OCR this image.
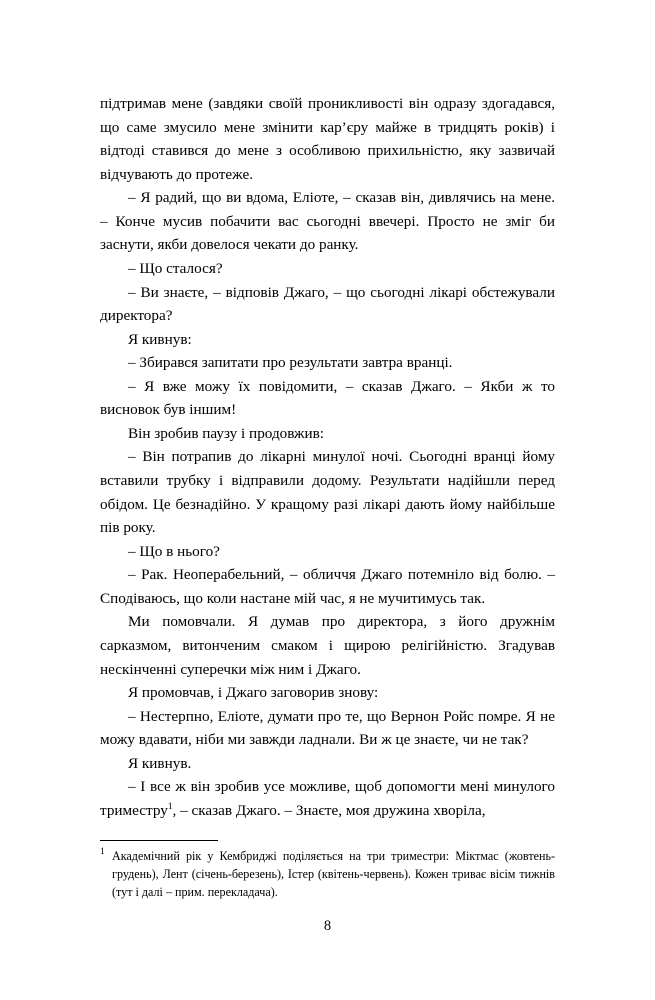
підтримав мене (завдяки своїй проникливості він одразу здогадався, що саме змусило мене змінити кар’єру майже в тридцять років) і відтоді ставився до мене з особливою прихильністю, яку зазвичай відчувають до протеже.

– Я радий, що ви вдома, Еліоте, – сказав він, дивлячись на мене. – Конче мусив побачити вас сьогодні ввечері. Просто не зміг би заснути, якби довелося чекати до ранку.

– Що сталося?

– Ви знаєте, – відповів Джаго, – що сьогодні лікарі обстежували директора?

Я кивнув:

– Збирався запитати про результати завтра вранці.

– Я вже можу їх повідомити, – сказав Джаго. – Якби ж то висновок був іншим!

Він зробив паузу і продовжив:

– Він потрапив до лікарні минулої ночі. Сьогодні вранці йому вставили трубку і відправили додому. Результати надійшли перед обідом. Це безнадійно. У кращому разі лікарі дають йому найбільше пів року.

– Що в нього?

– Рак. Неоперабельний, – обличчя Джаго потемніло від болю. – Сподіваюсь, що коли настане мій час, я не мучитимусь так.

Ми помовчали. Я думав про директора, з його дружнім сарказмом, витонченим смаком і щирою релігійністю. Згадував нескінченні суперечки між ним і Джаго.

Я промовчав, і Джаго заговорив знову:

– Нестерпно, Еліоте, думати про те, що Вернон Ройс помре. Я не можу вдавати, ніби ми завжди ладнали. Ви ж це знаєте, чи не так?

Я кивнув.

– І все ж він зробив усе можливе, щоб допомогти мені минулого триместру$^1$, – сказав Джаго. – Знаєте, моя дружина хворіла,

1 Академічний рік у Кембриджі поділяється на три триместри: Міктмас (жовтень-грудень), Лент (січень-березень), Істер (квітень-червень). Кожен триває вісім тижнів (тут і далі – прим. перекладача).

8
